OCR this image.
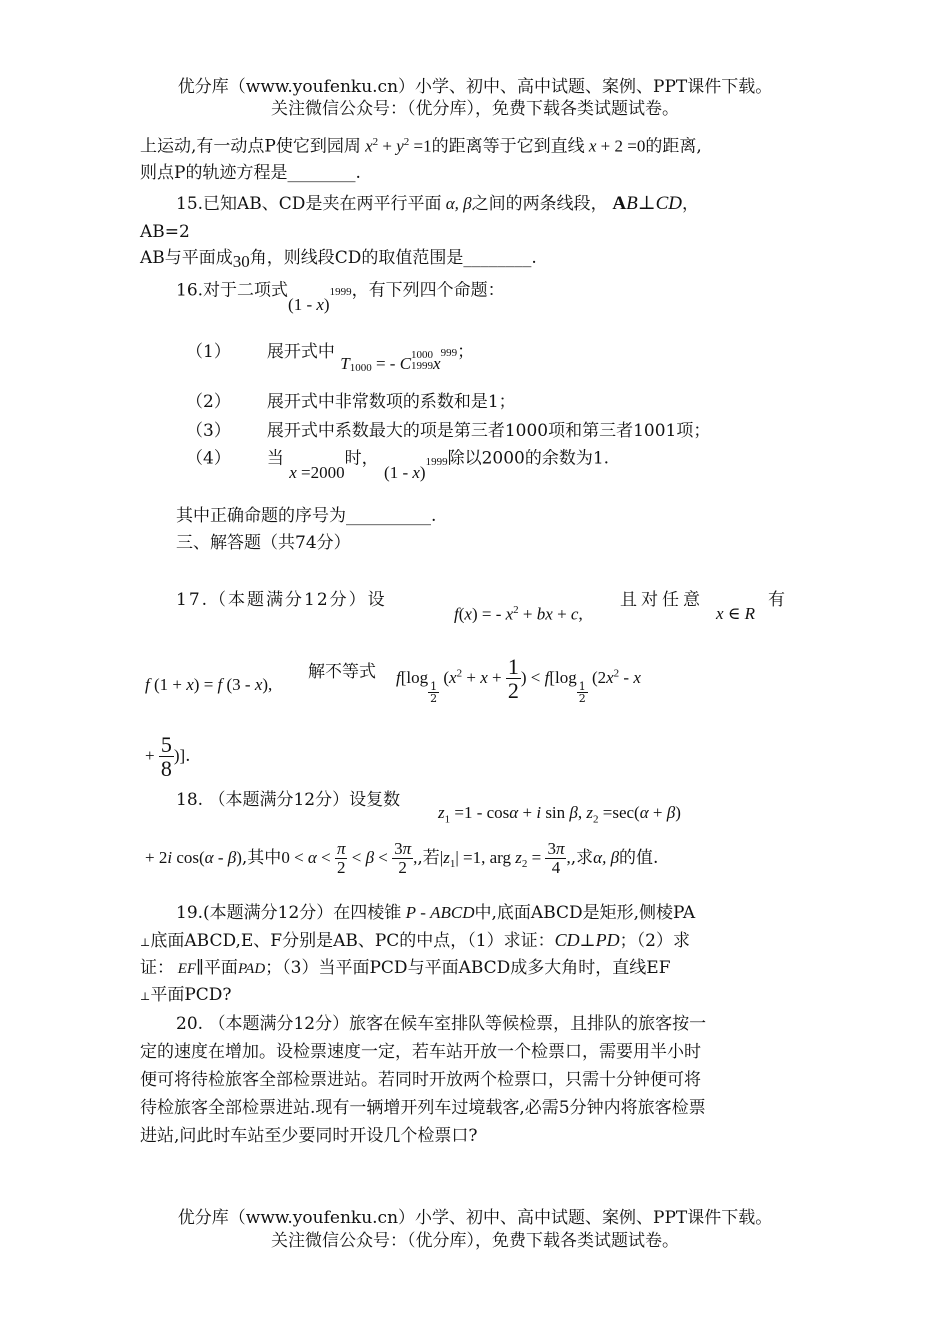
优分库（www.youfenku.cn）小学、初中、高中试题、案例、PPT课件下载。
关注微信公众号：（优分库），免费下载各类试题试卷。
上运动,有一动点P使它到园周 $x^2 + y^2 =1$的距离等于它到直线 x + 2 =0的距离,
则点P的轨迹方程是________.
15.已知AB、CD是夹在两平行平面 α, β之间的两条线段， AB⊥CD，
AB=2
AB与平面成30角，则线段CD的取值范围是________.
16.对于二项式(1 - x)$^{1999}$，有下列四个命题：
（1） 展开式中 $T_{1000}$ = - C 1000
1999 $x^{999}$；
（2） 展开式中非常数项的系数和是1；
（3） 展开式中系数最大的项是第三者1000项和第三者1001项；
（4） 当 x =2000时， (1 - x)$^{1999}$除以2000的余数为1.
其中正确命题的序号为__________.
三、解答题（共74分）
17.（本题满分12分）设
f(x) = - $x^2$ + bx + c,
且对任意
x ∈ R
有
f (1 + x) = f (3 - x),
解不等式 f[log
$\frac{1}{2}$
($x^2 + x + \frac{1}{2}$ ) < f[log
$\frac{1}{2}$
($2x^2$ - x
+ $\frac{5}{8}$ )].
18. （本题满分12分）设复数
$z_1 =1 - \cos\alpha + i$ sin β, $z_2 =\sec(\alpha + \beta)$
+ 2i cos(α - β),其中$0 < \alpha < \frac{\pi}{2} < \beta < \frac{3\pi}{2}$ ,,若$|z_1| =1$, arg $z_2 = \frac{3\pi}{4}$ ,,求α, β的值.
19.(本题满分12分）在四棱锥 P - ABCD中,底面ABCD是矩形,侧棱PA
⊥底面ABCD,E、F分别是AB、PC的中点，（1）求证：CD⊥PD；（2）求
证： EF∥平面PAD；（3）当平面PCD与平面ABCD成多大角时，直线EF
⊥平面PCD?
20. （本题满分12分）旅客在候车室排队等候检票，且排队的旅客按一
定的速度在增加。设检票速度一定，若车站开放一个检票口，需要用半小时
便可将待检旅客全部检票进站。若同时开放两个检票口，只需十分钟便可将
待检旅客全部检票进站.现有一辆增开列车过境载客,必需5分钟内将旅客检票
进站,问此时车站至少要同时开设几个检票口?
优分库（www.youfenku.cn）小学、初中、高中试题、案例、PPT课件下载。
关注微信公众号：（优分库），免费下载各类试题试卷。
